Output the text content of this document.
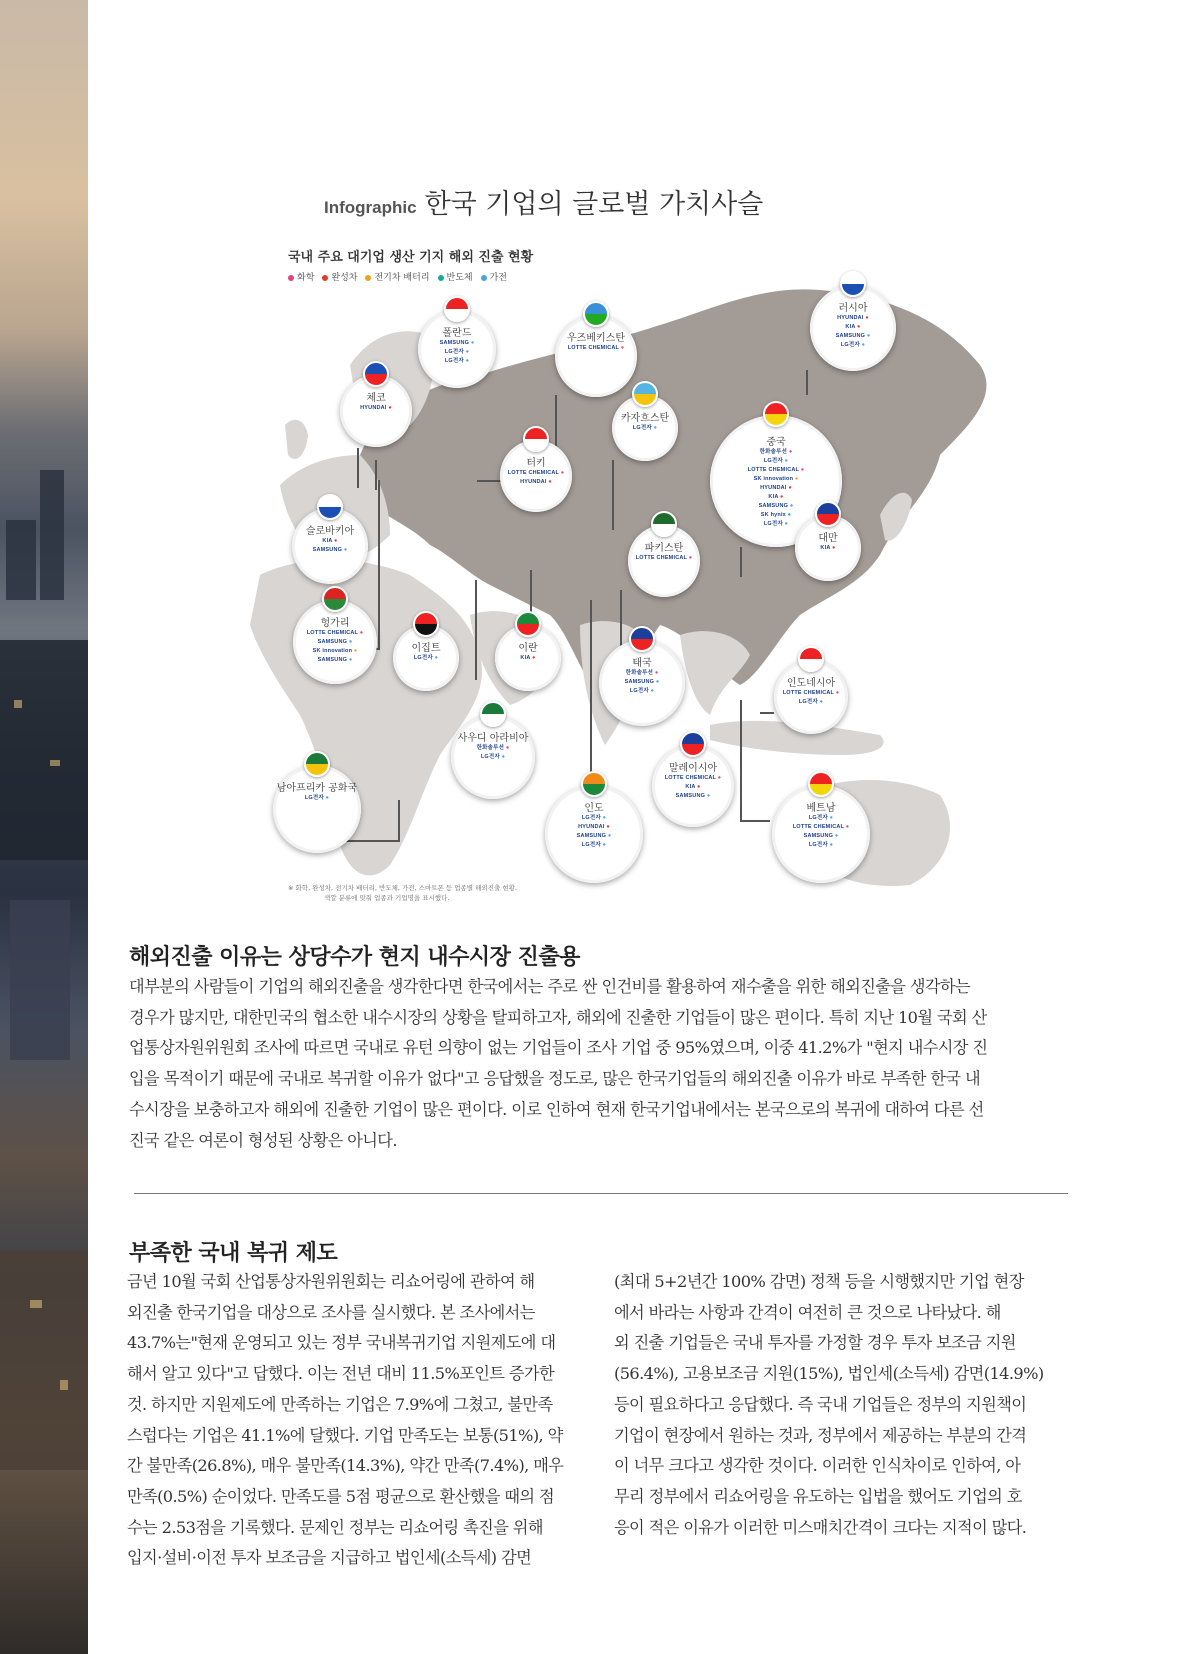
Infographic 한국 기업의 글로벌 가치사슬
국내 주요 대기업 생산 기지 해외 진출 현황
화학	완성차	전기차 배터리	반도체	가전
폴란드
SAMSUNG ●
LG전자 ●
LG전자 ●
우즈베키스탄
LOTTE CHEMICAL ●
러시아
HYUNDAI ●
KIA ●
SAMSUNG ●
LG전자 ●
체코
HYUNDAI ●
카자흐스탄
LG전자 ●
터키
LOTTE CHEMICAL ●
HYUNDAI ●
중국
한화솔루션 ●
LG전자 ●
LOTTE CHEMICAL ●
SK innovation ●
HYUNDAI ●
KIA ●
SAMSUNG ●
SK hynix ●
LG전자 ●
슬로바키아
KIA ●
SAMSUNG ●	파키스탄
LOTTE CHEMICAL ●
대만
KIA ●
헝가리
LOTTE CHEMICAL ●
SAMSUNG ●
SK innovation ●
SAMSUNG ●
이집트
LG전자 ●
이란
KIA ●	태국
한화솔루션 ●
SAMSUNG ●
LG전자 ●
인도네시아
LOTTE CHEMICAL ●
LG전자 ●
사우디 아라비아
한화솔루션 ●
LG전자 ●
말레이시아
LOTTE CHEMICAL ●
KIA ●
SAMSUNG ●
남아프리카 공화국
LG전자 ●
인도
LG전자 ●
HYUNDAI ●
SAMSUNG ●
LG전자 ●
베트남
LG전자 ●
LOTTE CHEMICAL ●
SAMSUNG ●
LG전자 ●
※ 화학, 완성차, 전기차 배터리, 반도체, 가전, 스마트폰 등 업종별 해외진출 현황.
색깔 분류에 맞춰 업종과 기업명을 표시했다.
해외진출 이유는 상당수가 현지 내수시장 진출용
대부분의 사람들이 기업의 해외진출을 생각한다면 한국에서는 주로 싼 인건비를 활용하여 재수출을 위한 해외진출을 생각하는
경우가 많지만, 대한민국의 협소한 내수시장의 상황을 탈피하고자, 해외에 진출한 기업들이 많은 편이다. 특히 지난 10월 국회 산
업통상자원위원회 조사에 따르면 국내로 유턴 의향이 없는 기업들이 조사 기업 중 95%였으며, 이중 41.2%가 "현지 내수시장 진
입을 목적이기 때문에 국내로 복귀할 이유가 없다"고 응답했을 정도로, 많은 한국기업들의 해외진출 이유가 바로 부족한 한국 내
수시장을 보충하고자 해외에 진출한 기업이 많은 편이다. 이로 인하여 현재 한국기업내에서는 본국으로의 복귀에 대하여 다른 선
진국 같은 여론이 형성된 상황은 아니다.
부족한 국내 복귀 제도
금년 10월 국회 산업통상자원위원회는 리쇼어링에 관하여 해
외진출 한국기업을 대상으로 조사를 실시했다. 본 조사에서는
43.7%는"현재 운영되고 있는 정부 국내복귀기업 지원제도에 대
해서 알고 있다"고 답했다. 이는 전년 대비 11.5%포인트 증가한
것. 하지만 지원제도에 만족하는 기업은 7.9%에 그쳤고, 불만족
스럽다는 기업은 41.1%에 달했다. 기업 만족도는 보통(51%), 약
간 불만족(26.8%), 매우 불만족(14.3%), 약간 만족(7.4%), 매우
만족(0.5%) 순이었다. 만족도를 5점 평균으로 환산했을 때의 점
수는 2.53점을 기록했다. 문제인 정부는 리쇼어링 촉진을 위해
입지·설비·이전 투자 보조금을 지급하고 법인세(소득세) 감면
(최대 5+2년간 100% 감면) 정책 등을 시행했지만 기업 현장
에서 바라는 사항과 간격이 여전히 큰 것으로 나타났다. 해
외 진출 기업들은 국내 투자를 가정할 경우 투자 보조금 지원
(56.4%), 고용보조금 지원(15%), 법인세(소득세) 감면(14.9%)
등이 필요하다고 응답했다. 즉 국내 기업들은 정부의 지원책이
기업이 현장에서 원하는 것과, 정부에서 제공하는 부분의 간격
이 너무 크다고 생각한 것이다. 이러한 인식차이로 인하여, 아
무리 정부에서 리쇼어링을 유도하는 입법을 했어도 기업의 호
응이 적은 이유가 이러한 미스매치간격이 크다는 지적이 많다.
